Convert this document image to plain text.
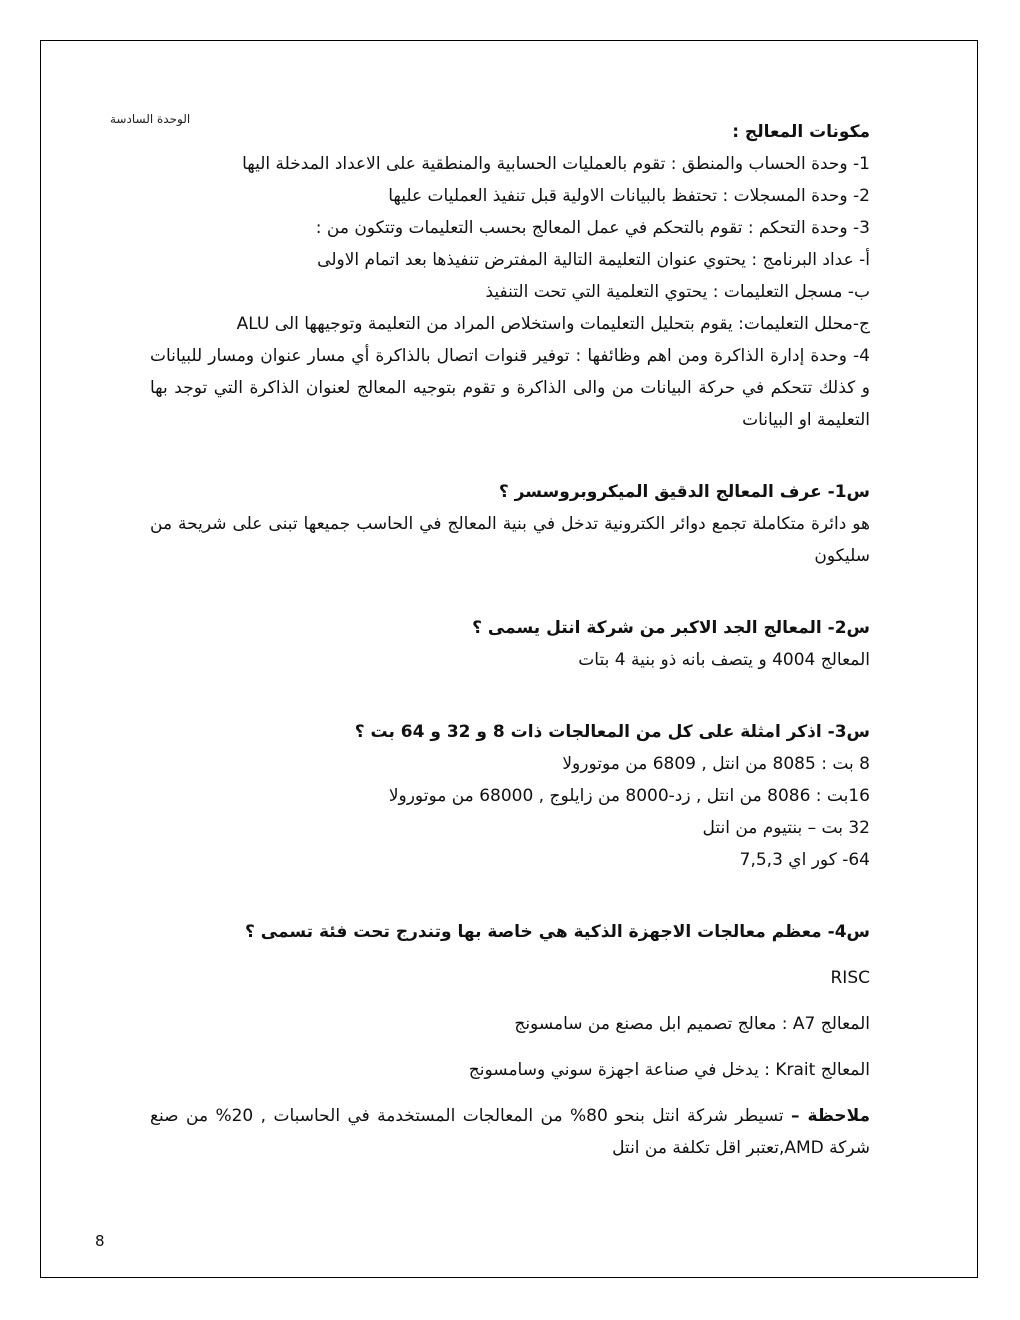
الوحدة السادسة
مكونات المعالج :
1- وحدة الحساب والمنطق : تقوم بالعمليات الحسابية والمنطقية على الاعداد المدخلة اليها
2- وحدة المسجلات : تحتفظ بالبيانات الاولية قبل تنفيذ العمليات عليها
3- وحدة التحكم : تقوم بالتحكم في عمل المعالج بحسب التعليمات وتتكون من :
أ- عداد البرنامج : يحتوي عنوان التعليمة التالية المفترض تنفيذها بعد اتمام الاولى
ب- مسجل التعليمات : يحتوي التعلمية التي تحت التنفيذ
ج-محلل التعليمات: يقوم بتحليل التعليمات واستخلاص المراد من التعليمة وتوجيهها الى ALU
4- وحدة إدارة الذاكرة ومن اهم وظائفها : توفير قنوات اتصال بالذاكرة أي مسار عنوان ومسار للبيانات و كذلك تتحكم في حركة البيانات من والى الذاكرة و تقوم بتوجيه المعالج لعنوان الذاكرة التي توجد بها التعليمة او البيانات
س1- عرف المعالج الدقيق الميكروبروسسر ؟
هو دائرة متكاملة تجمع دوائر الكترونية تدخل في بنية المعالج في الحاسب جميعها تبنى على شريحة من سليكون
س2- المعالج الجد الاكبر من شركة انتل يسمى ؟
المعالج 4004 و يتصف بانه ذو بنية 4 بتات
س3- اذكر امثلة على كل من المعالجات ذات 8 و 32 و 64 بت ؟
8 بت : 8085 من انتل , 6809 من موتورولا
16بت : 8086 من انتل , زد-8000 من زايلوج , 68000 من موتورولا
32 بت – بنتيوم من انتل
64- كور اي 7,5,3
س4- معظم معالجات الاجهزة الذكية هي خاصة بها وتندرج تحت فئة تسمى ؟
RISC
المعالج A7 : معالج تصميم ابل مصنع من سامسونج
المعالج Krait : يدخل في صناعة اجهزة سوني وسامسونج
ملاحظة – تسيطر شركة انتل بنحو 80% من المعالجات المستخدمة في الحاسبات , 20% من صنع شركة AMD,تعتبر اقل تكلفة من انتل
8
